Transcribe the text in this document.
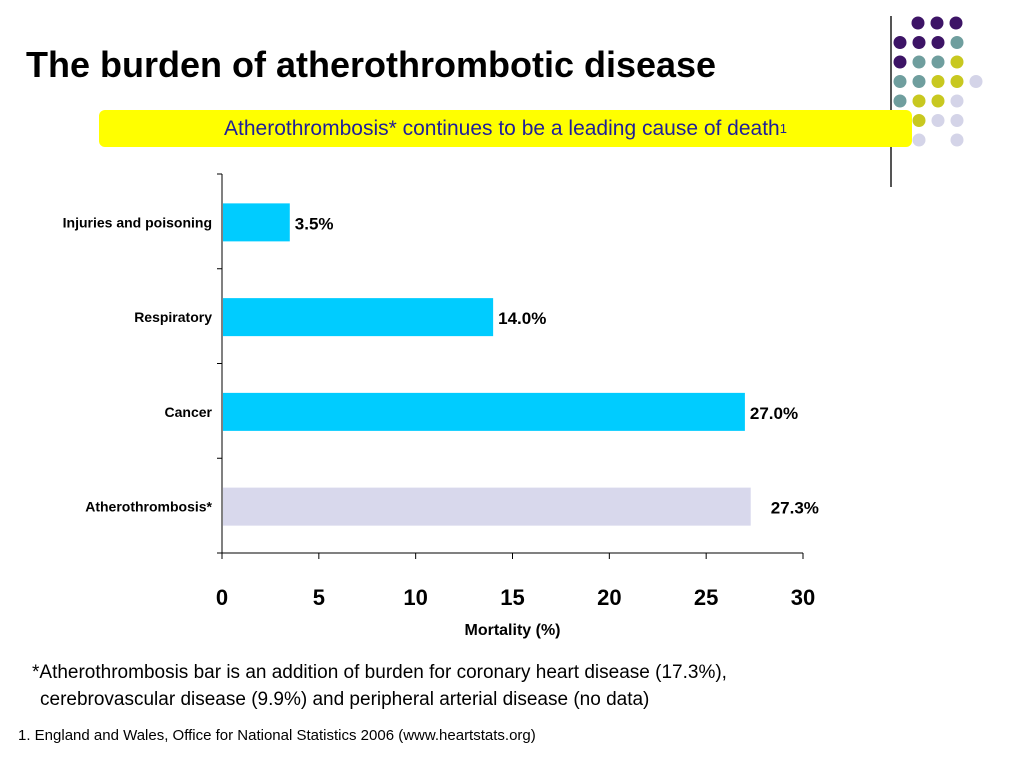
The burden of atherothrombotic disease
Atherothrombosis* continues to be a leading cause of death 1
0	5	10	15	20	25	30
Mortality (%)
Injuries and poisoning	3.5%
Respiratory	14.0%
Cancer	27.0%
Atherothrombosis*	27.3%
*Atherothrombosis bar is an addition of burden for coronary heart disease (17.3%),
cerebrovascular disease (9.9%) and peripheral arterial disease (no data)
1. England and Wales, Office for National Statistics 2006 (www.heartstats.org)
